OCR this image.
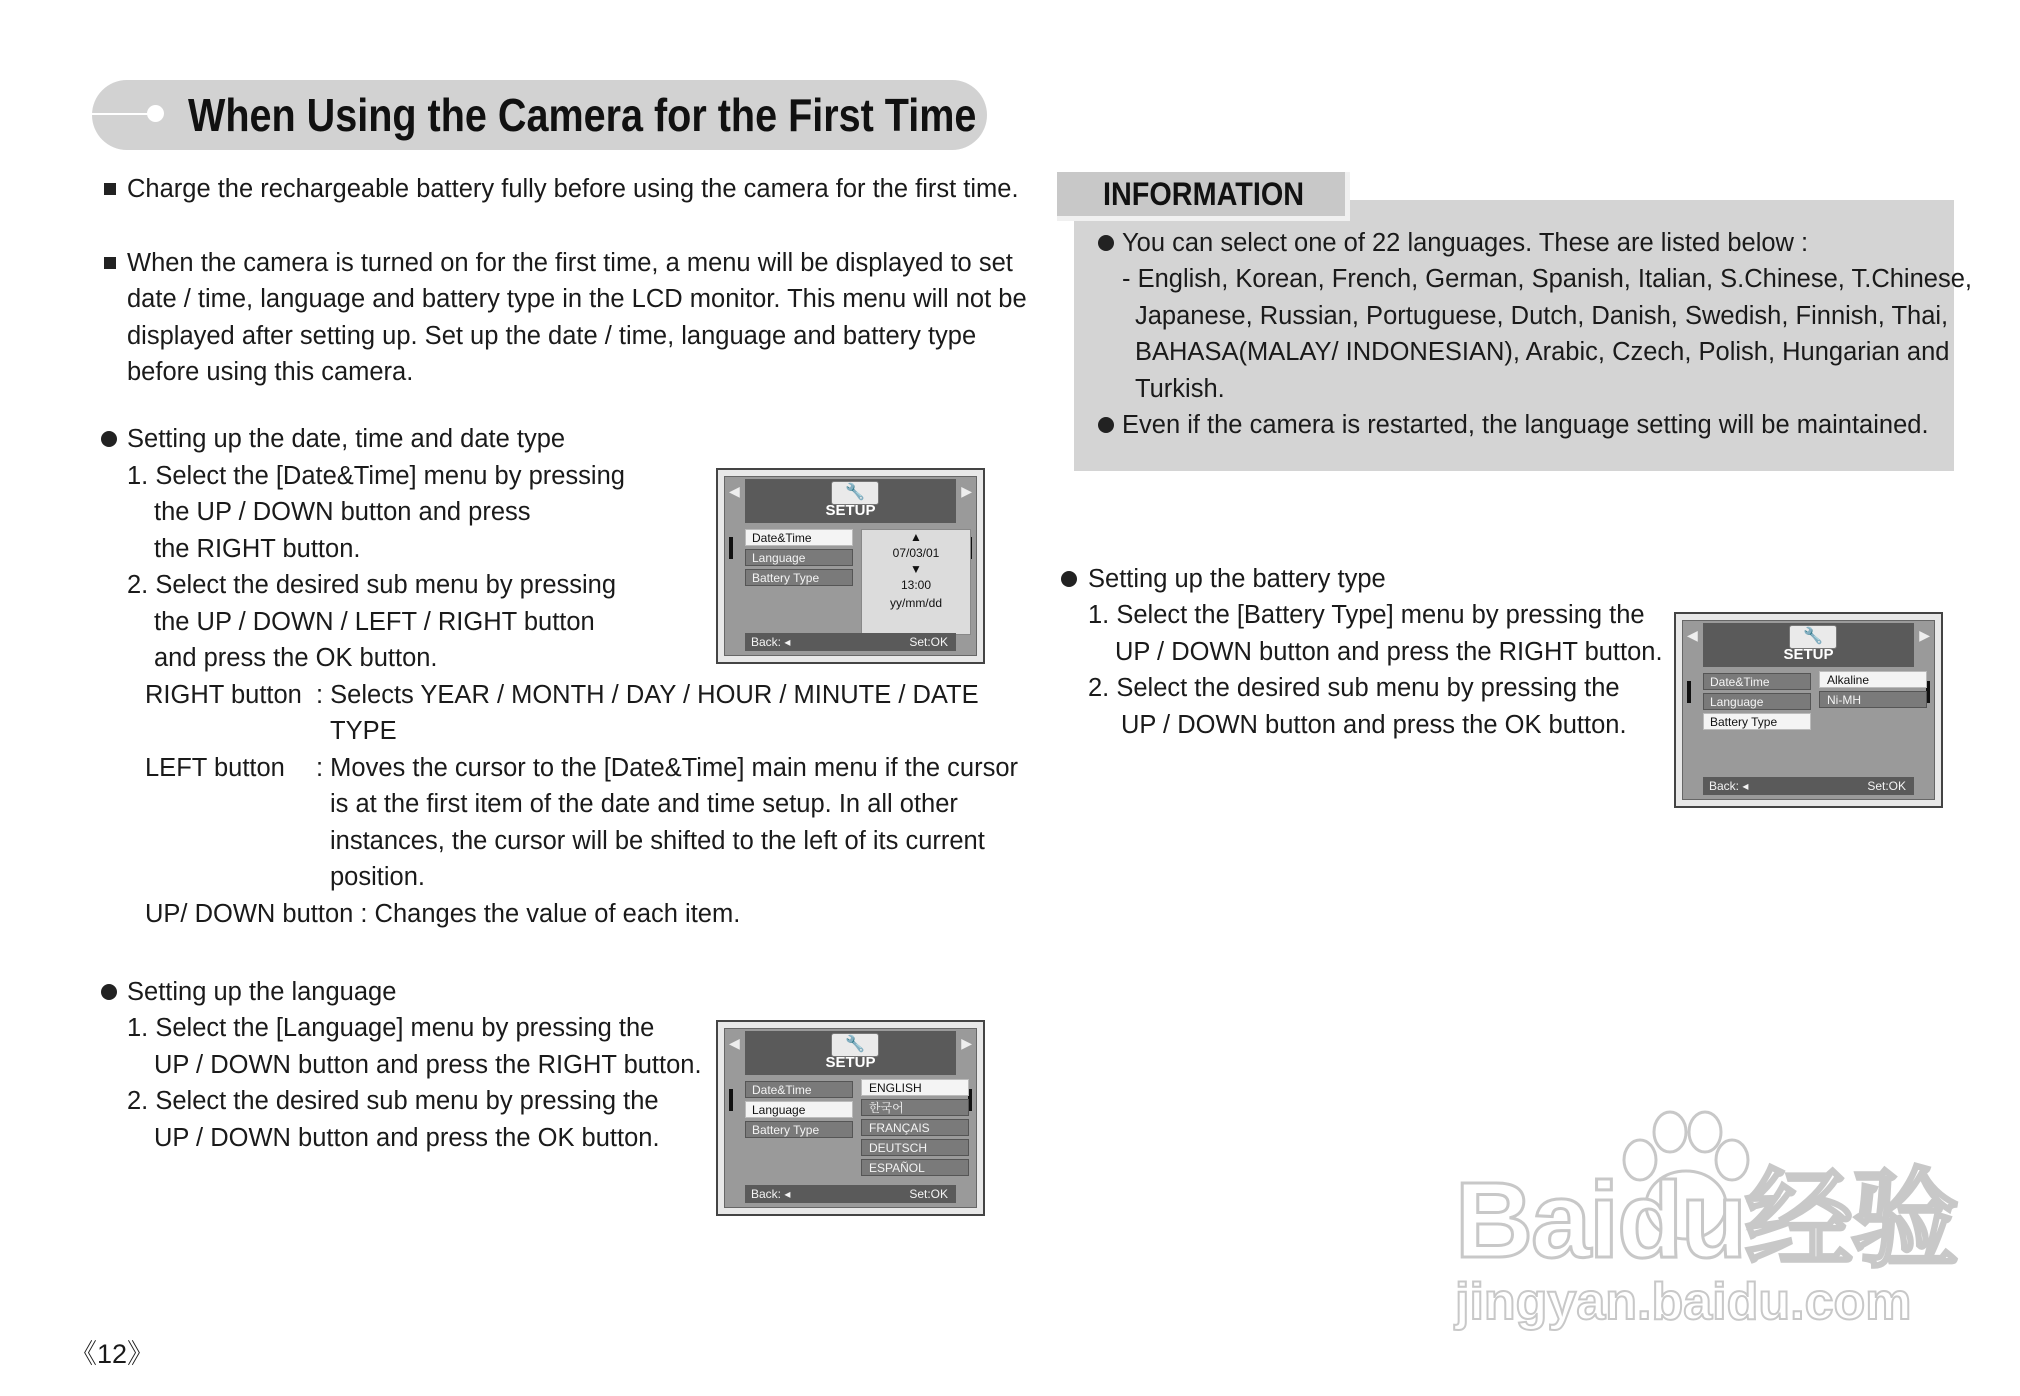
When Using the Camera for the First Time
Charge the rechargeable battery fully before using the camera for the first time.
When the camera is turned on for the first time, a menu will be displayed to set
date / time, language and battery type in the LCD monitor. This menu will not be
displayed after setting up. Set up the date / time, language and battery type
before using this camera.
Setting up the date, time and date type
1. Select the [Date&Time] menu by pressing
the UP / DOWN button and press
the RIGHT button.
2. Select the desired sub menu by pressing
the UP / DOWN / LEFT / RIGHT button
and press the OK button.
RIGHT button : Selects YEAR / MONTH / DAY / HOUR / MINUTE / DATE
TYPE
LEFT button : Moves the cursor to the [Date&Time] main menu if the cursor
is at the first item of the date and time setup. In all other
instances, the cursor will be shifted to the left of its current
position.
UP/ DOWN button : Changes the value of each item.
Setting up the language
1. Select the [Language] menu by pressing the
UP / DOWN button and press the RIGHT button.
2. Select the desired sub menu by pressing the
UP / DOWN button and press the OK button.
◀	▶
🔧
SETUP
Date&Time
Language
Battery Type
▲
07/03/01
▼
13:00
yy/mm/dd
Back: ◂	Set:OK
◀	▶
🔧
SETUP
Date&Time
Language
Battery Type
ENGLISH
한국어
FRANÇAIS
DEUTSCH
ESPAÑOL
Back: ◂	Set:OK
INFORMATION
You can select one of 22 languages. These are listed below :
- English, Korean, French, German, Spanish, Italian, S.Chinese, T.Chinese,
Japanese, Russian, Portuguese, Dutch, Danish, Swedish, Finnish, Thai,
BAHASA(MALAY/ INDONESIAN), Arabic, Czech, Polish, Hungarian and
Turkish.
Even if the camera is restarted, the language setting will be maintained.
Setting up the battery type
1. Select the [Battery Type] menu by pressing the
UP / DOWN button and press the RIGHT button.
2. Select the desired sub menu by pressing the
UP / DOWN button and press the OK button.
◀	▶
🔧
SETUP
Date&Time
Language
Battery Type
Alkaline
Ni-MH
Back: ◂	Set:OK
Baidu经验
jingyan.baidu.com
《12》
